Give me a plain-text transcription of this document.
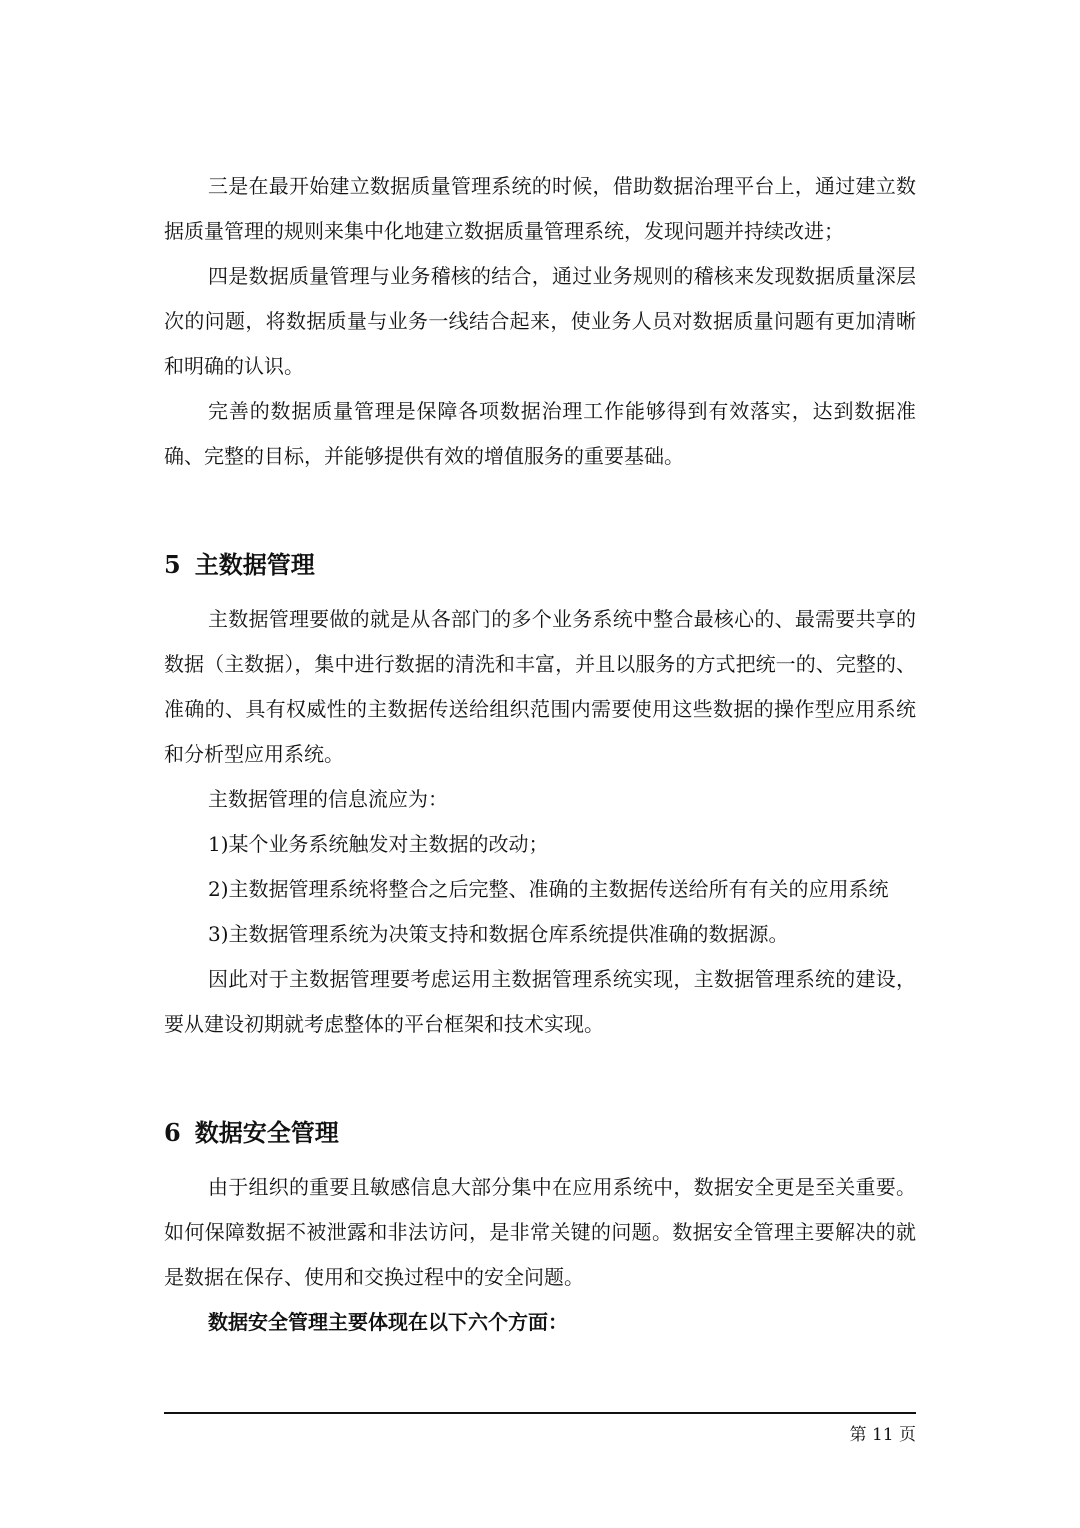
三是在最开始建立数据质量管理系统的时候，借助数据治理平台上，通过建立数据质量管理的规则来集中化地建立数据质量管理系统，发现问题并持续改进；

四是数据质量管理与业务稽核的结合，通过业务规则的稽核来发现数据质量深层次的问题，将数据质量与业务一线结合起来，使业务人员对数据质量问题有更加清晰和明确的认识。

完善的数据质量管理是保障各项数据治理工作能够得到有效落实，达到数据准确、完整的目标，并能够提供有效的增值服务的重要基础。

5 主数据管理

主数据管理要做的就是从各部门的多个业务系统中整合最核心的、最需要共享的数据（主数据），集中进行数据的清洗和丰富，并且以服务的方式把统一的、完整的、准确的、具有权威性的主数据传送给组织范围内需要使用这些数据的操作型应用系统和分析型应用系统。

主数据管理的信息流应为：

1)某个业务系统触发对主数据的改动；

2)主数据管理系统将整合之后完整、准确的主数据传送给所有有关的应用系统

3)主数据管理系统为决策支持和数据仓库系统提供准确的数据源。

因此对于主数据管理要考虑运用主数据管理系统实现，主数据管理系统的建设，要从建设初期就考虑整体的平台框架和技术实现。

6 数据安全管理

由于组织的重要且敏感信息大部分集中在应用系统中，数据安全更是至关重要。如何保障数据不被泄露和非法访问，是非常关键的问题。数据安全管理主要解决的就是数据在保存、使用和交换过程中的安全问题。

数据安全管理主要体现在以下六个方面：

第 11 页
